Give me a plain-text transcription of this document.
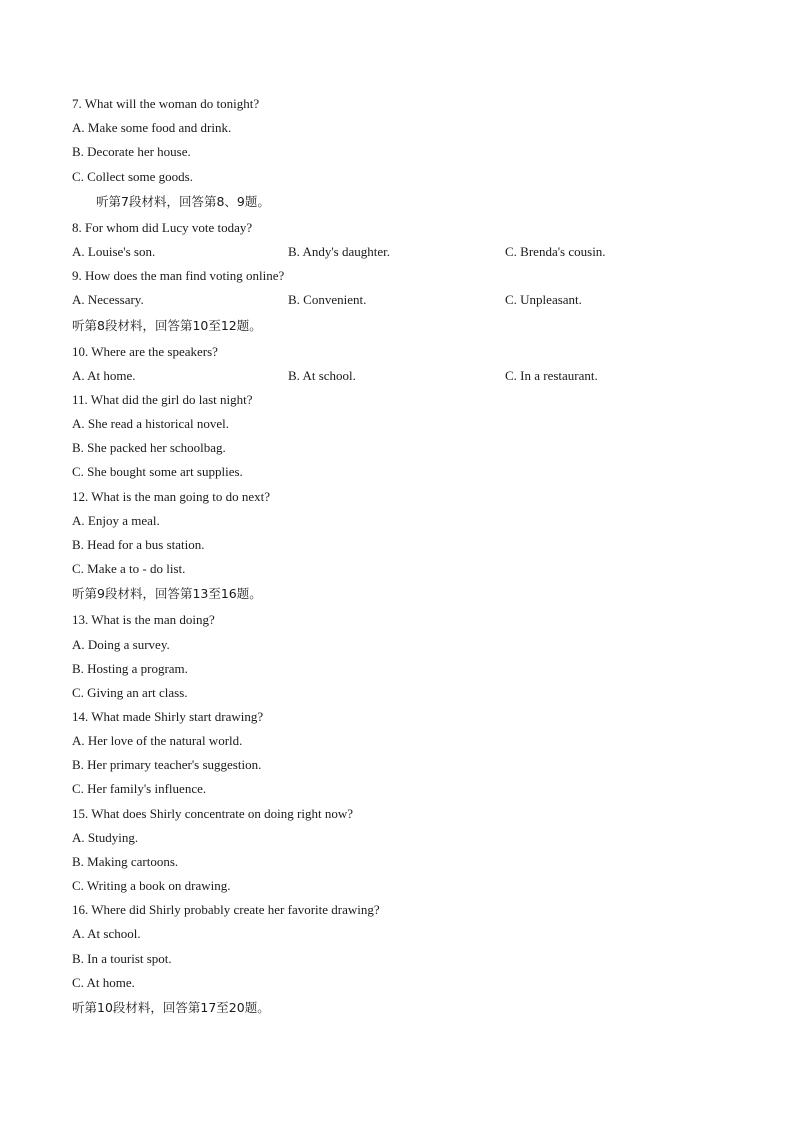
7. What will the woman do tonight?
A. Make some food and drink.
B. Decorate her house.
C. Collect some goods.
听第7段材料，回答第8、9题。
8. For whom did Lucy vote today?
A. Louise's son.	B. Andy's daughter.	C. Brenda's cousin.
9. How does the man find voting online?
A. Necessary.	B. Convenient.	C. Unpleasant.
听第8段材料，回答第10至12题。
10. Where are the speakers?
A. At home.	B. At school.	C. In a restaurant.
11. What did the girl do last night?
A. She read a historical novel.
B. She packed her schoolbag.
C. She bought some art supplies.
12. What is the man going to do next?
A. Enjoy a meal.
B. Head for a bus station.
C. Make a to - do list.
听第9段材料，回答第13至16题。
13. What is the man doing?
A. Doing a survey.
B. Hosting a program.
C. Giving an art class.
14. What made Shirly start drawing?
A. Her love of the natural world.
B. Her primary teacher's suggestion.
C. Her family's influence.
15. What does Shirly concentrate on doing right now?
A. Studying.
B. Making cartoons.
C. Writing a book on drawing.
16. Where did Shirly probably create her favorite drawing?
A. At school.
B. In a tourist spot.
C. At home.
听第10段材料，回答第17至20题。
